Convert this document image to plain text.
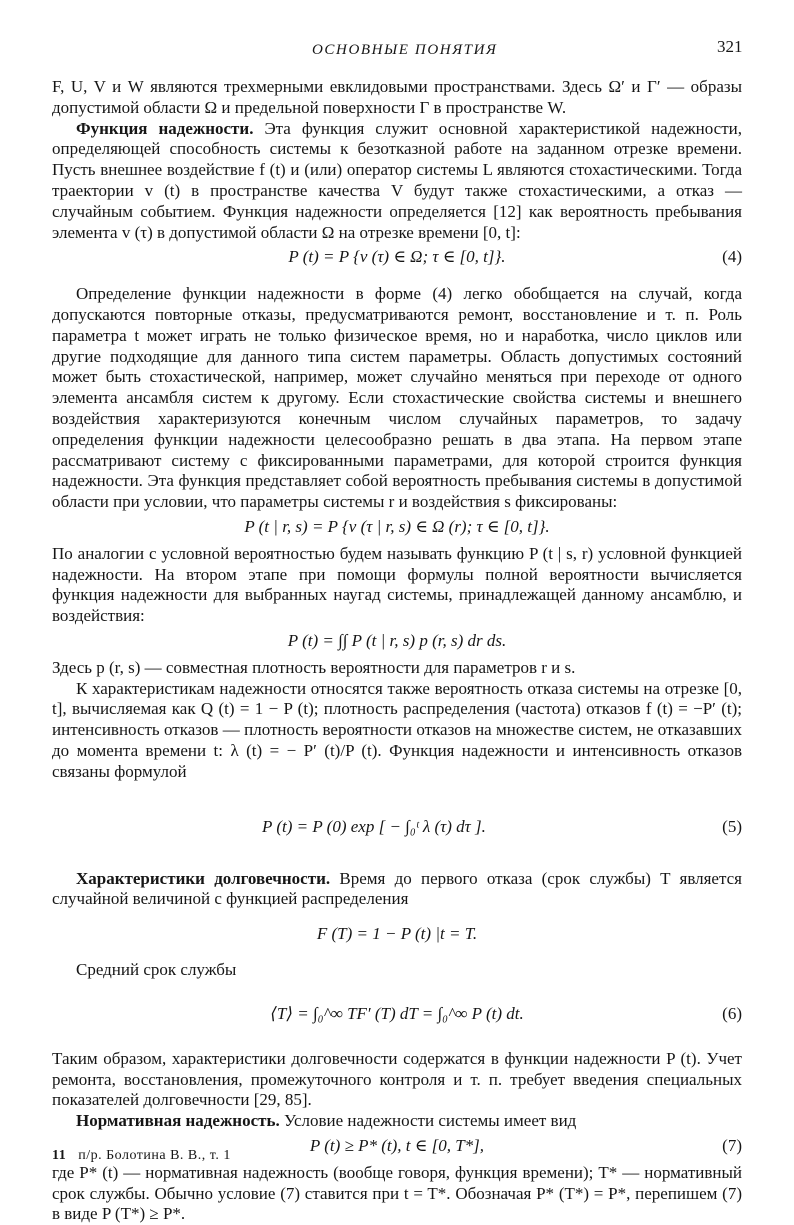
ОСНОВНЫЕ ПОНЯТИЯ	321

F, U, V и W являются трехмерными евклидовыми пространствами. Здесь Ω′ и Γ′ — образы допустимой области Ω и предельной поверхности Γ в пространстве W.

Функция надежности. Эта функция служит основной характеристикой надежности, определяющей способность системы к безотказной работе на заданном отрезке времени. Пусть внешнее воздействие f (t) и (или) оператор системы L являются стохастическими. Тогда траектории v (t) в пространстве качества V будут также стохастическими, а отказ — случайным событием. Функция надежности определяется [12] как вероятность пребывания элемента v (τ) в допустимой области Ω на отрезке времени [0, t]:

P (t) = P {v (τ) ∈ Ω; τ ∈ [0, t]}.	(4)

Определение функции надежности в форме (4) легко обобщается на случай, когда допускаются повторные отказы, предусматриваются ремонт, восстановление и т. п. Роль параметра t может играть не только физическое время, но и наработка, число циклов или другие подходящие для данного типа систем параметры. Область допустимых состояний может быть стохастической, например, может случайно меняться при переходе от одного элемента ансамбля систем к другому. Если стохастические свойства системы и внешнего воздействия характеризуются конечным числом случайных параметров, то задачу определения функции надежности целесообразно решать в два этапа. На первом этапе рассматривают систему с фиксированными параметрами, для которой строится функция надежности. Эта функция представляет собой вероятность пребывания системы в допустимой области при условии, что параметры системы r и воздействия s фиксированы:

P (t | r, s) = P {v (τ | r, s) ∈ Ω (r); τ ∈ [0, t]}.

По аналогии с условной вероятностью будем называть функцию P (t | s, r) условной функцией надежности. На втором этапе при помощи формулы полной вероятности вычисляется функция надежности для выбранных наугад системы, принадлежащей данному ансамблю, и воздействия:

P (t) = ∫∫ P (t | r, s) p (r, s) dr ds.

Здесь p (r, s) — совместная плотность вероятности для параметров r и s.

К характеристикам надежности относятся также вероятность отказа системы на отрезке [0, t], вычисляемая как Q (t) = 1 − P (t); плотность распределения (частота) отказов f (t) = −P′ (t); интенсивность отказов — плотность вероятности отказов на множестве систем, не отказавших до момента времени t: λ (t) = − P′ (t)/P (t). Функция надежности и интенсивность отказов связаны формулой

P (t) = P (0) exp [ − ∫₀ᵗ λ (τ) dτ ].	(5)

Характеристики долговечности. Время до первого отказа (срок службы) T является случайной величиной с функцией распределения

F (T) = 1 − P (t) |t = T.

Средний срок службы

⟨T⟩ = ∫₀^∞ TF′ (T) dT = ∫₀^∞ P (t) dt.	(6)

Таким образом, характеристики долговечности содержатся в функции надежности P (t). Учет ремонта, восстановления, промежуточного контроля и т. п. требует введения специальных показателей долговечности [29, 85].

Нормативная надежность. Условие надежности системы имеет вид

P (t) ≥ P* (t), t ∈ [0, T*],	(7)

где P* (t) — нормативная надежность (вообще говоря, функция времени); T* — нормативный срок службы. Обычно условие (7) ставится при t = T*. Обозначая P* (T*) = P*, перепишем (7) в виде P (T*) ≥ P*.

11 п/р. Болотина В. В., т. 1
